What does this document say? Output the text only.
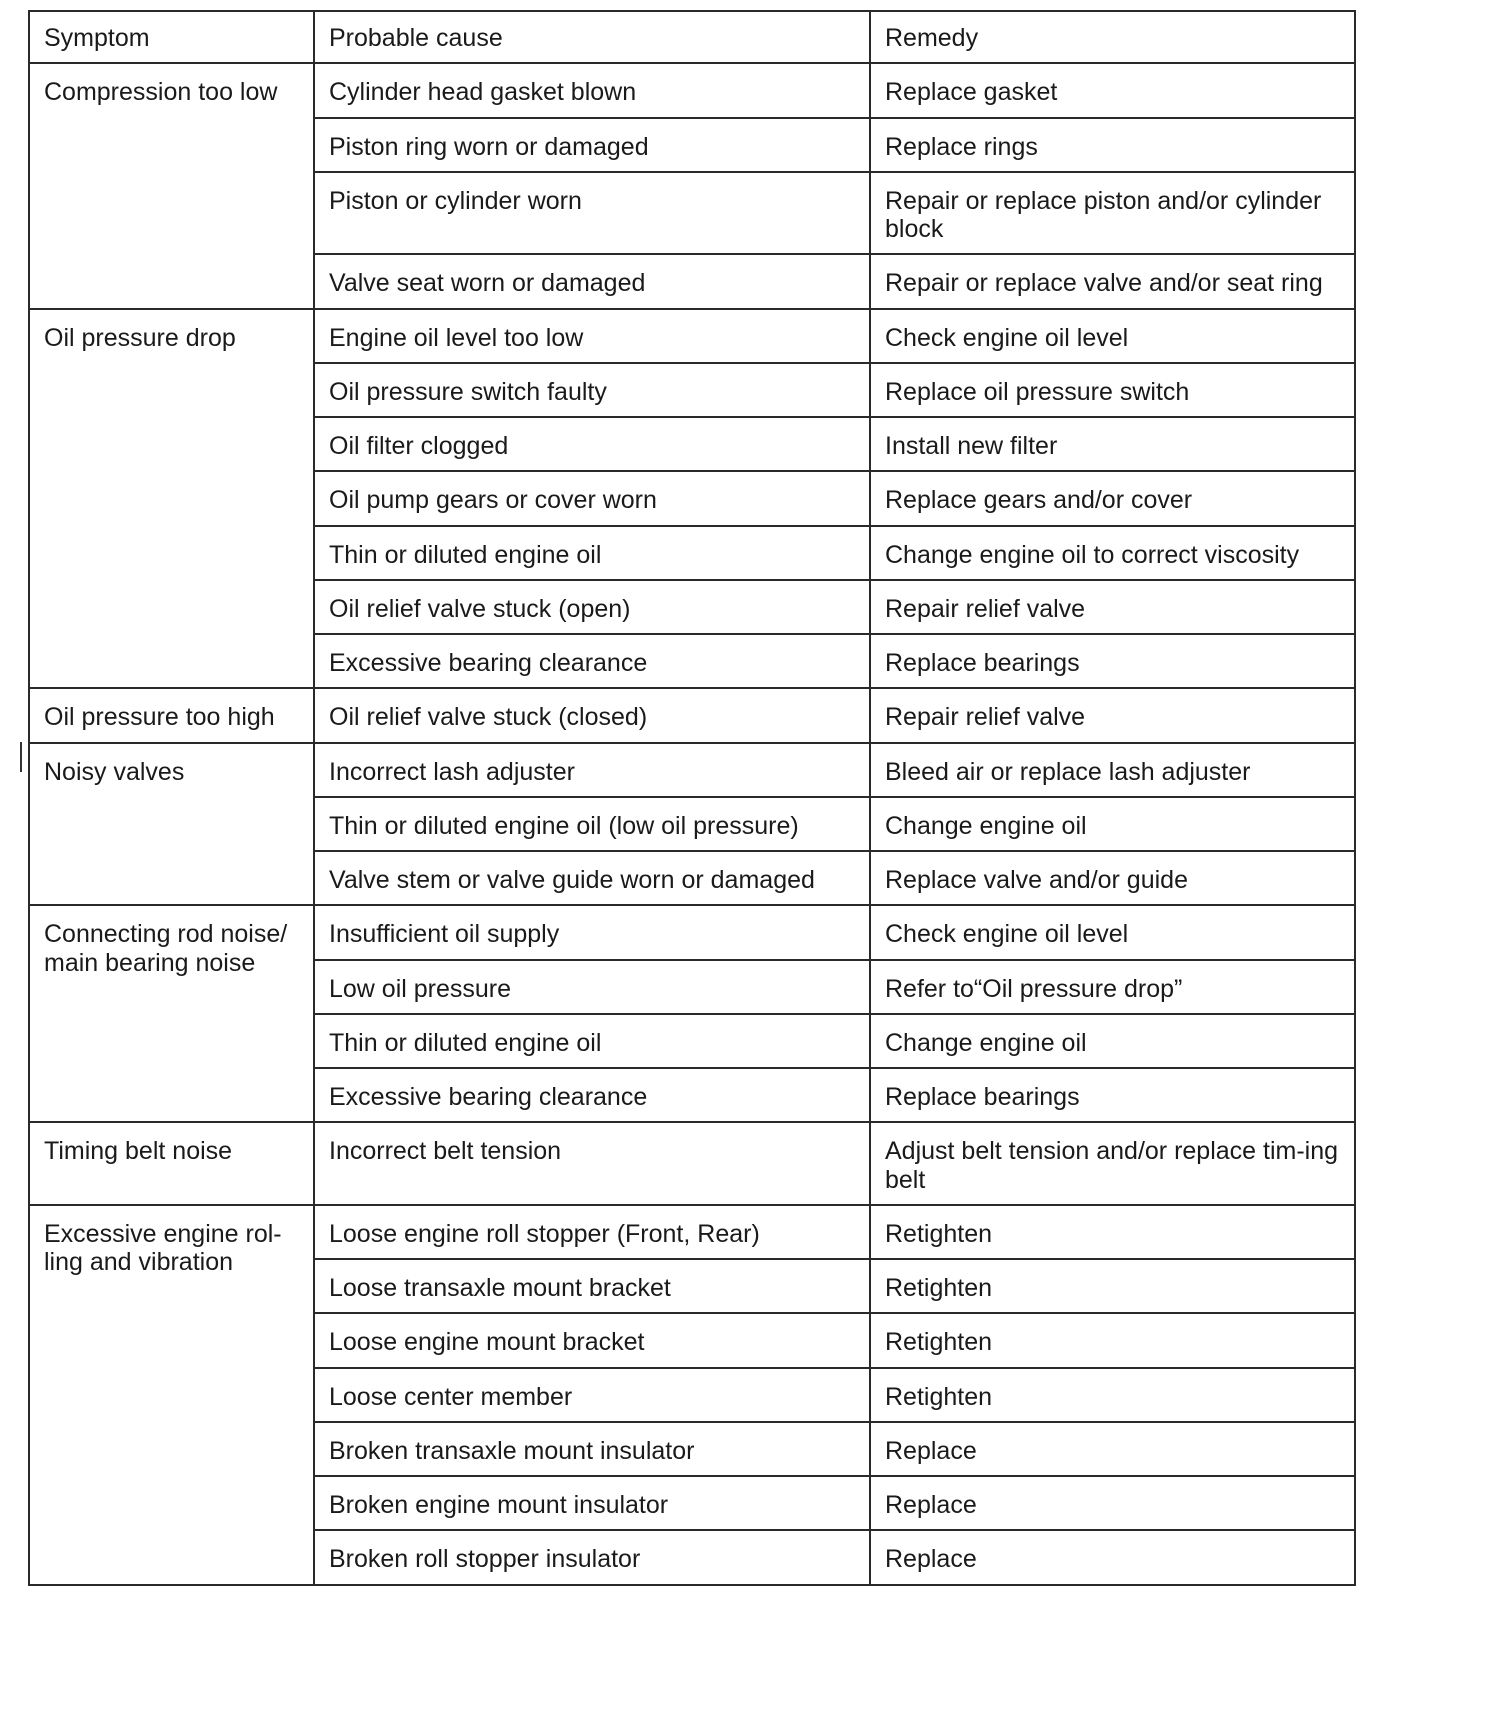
Symptom	Probable cause	Remedy
Compression too low	Cylinder head gasket blown	Replace gasket
	Piston ring worn or damaged	Replace rings
	Piston or cylinder worn	Repair or replace piston and/or cylinder block
	Valve seat worn or damaged	Repair or replace valve and/or seat ring
Oil pressure drop	Engine oil level too low	Check engine oil level
	Oil pressure switch faulty	Replace oil pressure switch
	Oil filter clogged	Install new filter
	Oil pump gears or cover worn	Replace gears and/or cover
	Thin or diluted engine oil	Change engine oil to correct viscosity
	Oil relief valve stuck (open)	Repair relief valve
	Excessive bearing clearance	Replace bearings
Oil pressure too high	Oil relief valve stuck (closed)	Repair relief valve
Noisy valves	Incorrect lash adjuster	Bleed air or replace lash adjuster
	Thin or diluted engine oil (low oil pressure)	Change engine oil
	Valve stem or valve guide worn or damaged	Replace valve and/or guide
Connecting rod noise/ main bearing noise	Insufficient oil supply	Check engine oil level
	Low oil pressure	Refer to“Oil pressure drop”
	Thin or diluted engine oil	Change engine oil
	Excessive bearing clearance	Replace bearings
Timing belt noise	Incorrect belt tension	Adjust belt tension and/or replace tim-ing belt
Excessive engine rol-ling and vibration	Loose engine roll stopper (Front, Rear)	Retighten
	Loose transaxle mount bracket	Retighten
	Loose engine mount bracket	Retighten
	Loose center member	Retighten
	Broken transaxle mount insulator	Replace
	Broken engine mount insulator	Replace
	Broken roll stopper insulator	Replace
